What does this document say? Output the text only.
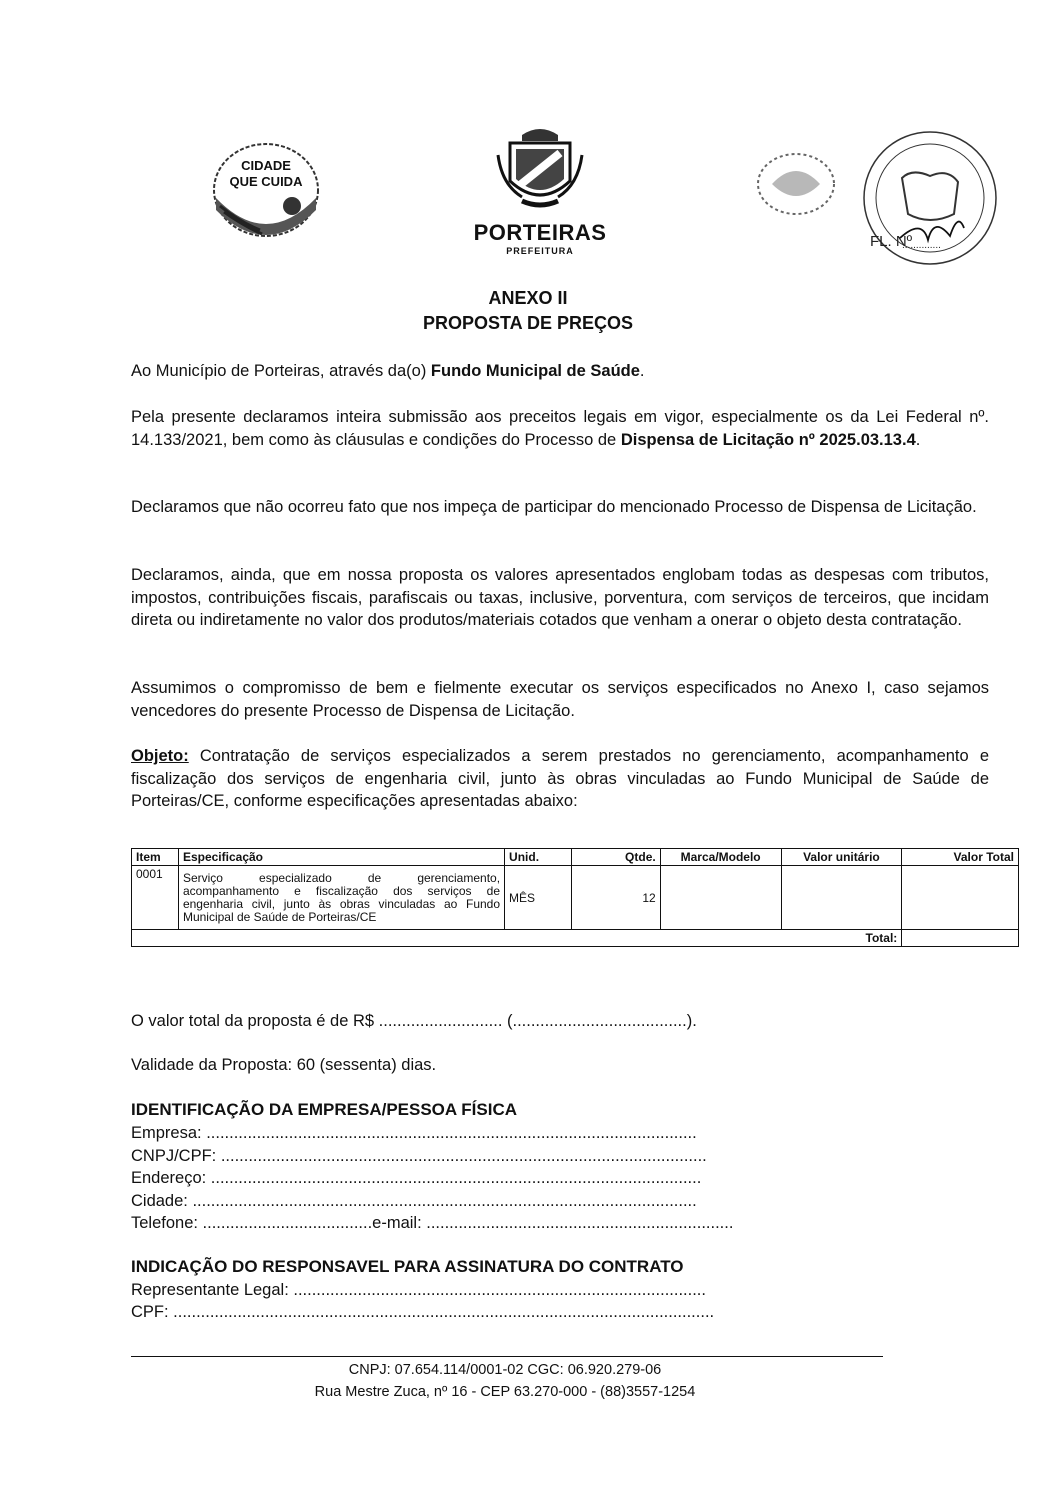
CIDADE
QUE CUIDA
PORTEIRAS
PREFEITURA
FL. Nº
..............
ANEXO II
PROPOSTA DE PREÇOS
Ao Município de Porteiras, através da(o) Fundo Municipal de Saúde.
Pela presente declaramos inteira submissão aos preceitos legais em vigor, especialmente os da Lei Federal nº. 14.133/2021, bem como às cláusulas e condições do Processo de Dispensa de Licitação nº 2025.03.13.4.
Declaramos que não ocorreu fato que nos impeça de participar do mencionado Processo de Dispensa de Licitação.
Declaramos, ainda, que em nossa proposta os valores apresentados englobam todas as despesas com tributos, impostos, contribuições fiscais, parafiscais ou taxas, inclusive, porventura, com serviços de terceiros, que incidam direta ou indiretamente no valor dos produtos/materiais cotados que venham a onerar o objeto desta contratação.
Assumimos o compromisso de bem e fielmente executar os serviços especificados no Anexo I, caso sejamos vencedores do presente Processo de Dispensa de Licitação.
Objeto: Contratação de serviços especializados a serem prestados no gerenciamento, acompanhamento e fiscalização dos serviços de engenharia civil, junto às obras vinculadas ao Fundo Municipal de Saúde de Porteiras/CE, conforme especificações apresentadas abaixo:
Item	Especificação	Unid.	Qtde.	Marca/Modelo	Valor unitário	Valor Total
0001	Serviço especializado de gerenciamento, acompanhamento e fiscalização dos serviços de engenharia civil, junto às obras vinculadas ao Fundo Municipal de Saúde de Porteiras/CE	MÊS	12			
Total:						
O valor total da proposta é de R$ ........................... (......................................).
Validade da Proposta: 60 (sessenta) dias.
IDENTIFICAÇÃO DA EMPRESA/PESSOA FÍSICA
Empresa: ...........................................................................................................
CNPJ/CPF: ..........................................................................................................
Endereço: ...........................................................................................................
Cidade: ..............................................................................................................
Telefone: .....................................e-mail: ...................................................................
INDICAÇÃO DO RESPONSAVEL PARA ASSINATURA DO CONTRATO
Representante Legal: ..........................................................................................
CPF: ......................................................................................................................
CNPJ: 07.654.114/0001-02 CGC: 06.920.279-06
Rua Mestre Zuca, nº 16 - CEP 63.270-000 - (88)3557-1254
